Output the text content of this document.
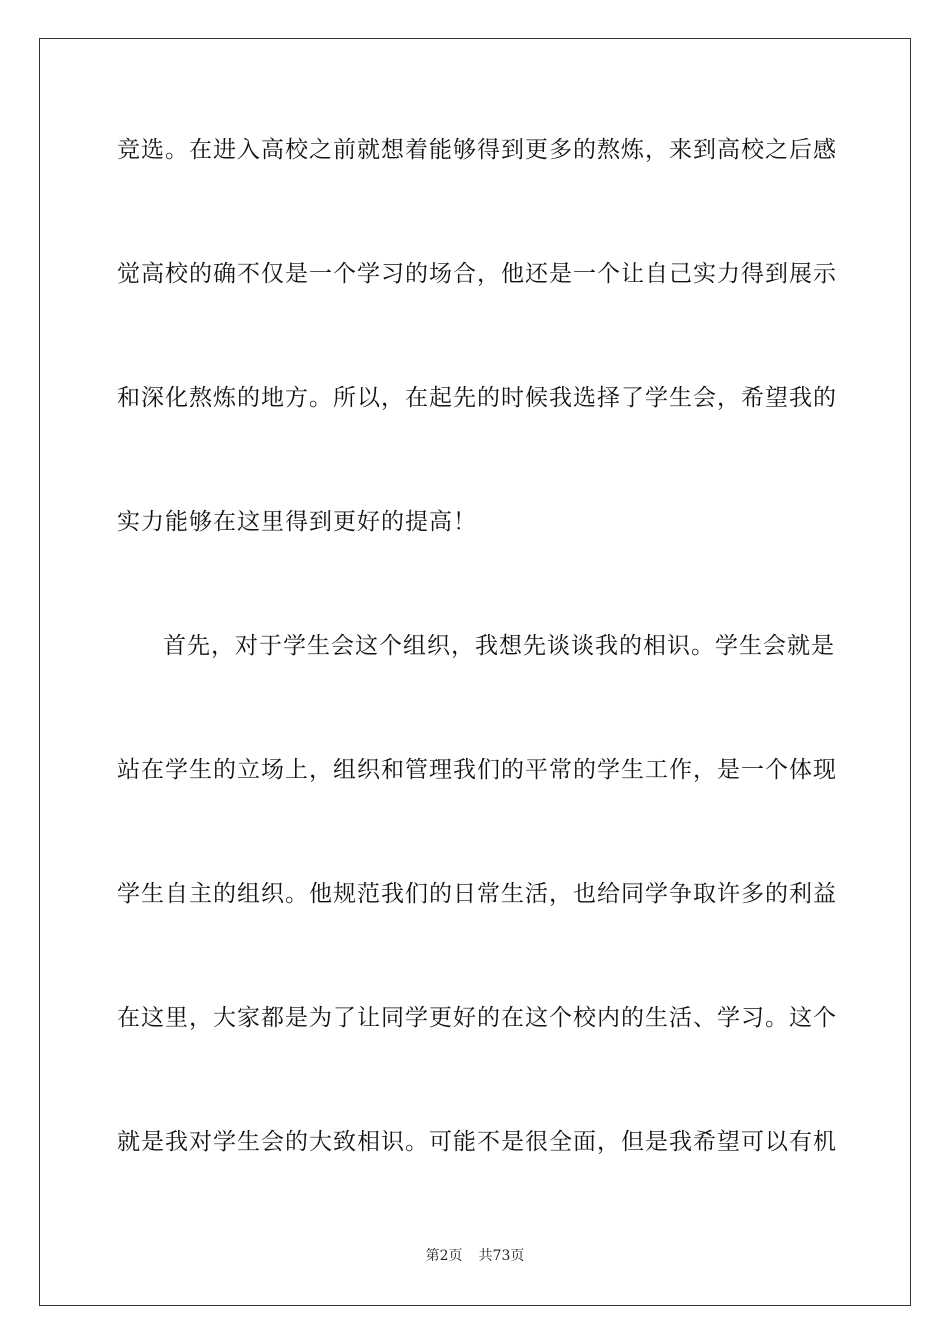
竞选。在进入高校之前就想着能够得到更多的熬炼，来到高校之后感
觉高校的确不仅是一个学习的场合，他还是一个让自己实力得到展示
和深化熬炼的地方。所以，在起先的时候我选择了学生会，希望我的
实力能够在这里得到更好的提高！
首先，对于学生会这个组织，我想先谈谈我的相识。学生会就是
站在学生的立场上，组织和管理我们的平常的学生工作，是一个体现
学生自主的组织。他规范我们的日常生活，也给同学争取许多的利益
在这里，大家都是为了让同学更好的在这个校内的生活、学习。这个
就是我对学生会的大致相识。可能不是很全面，但是我希望可以有机
第2页 共73页
